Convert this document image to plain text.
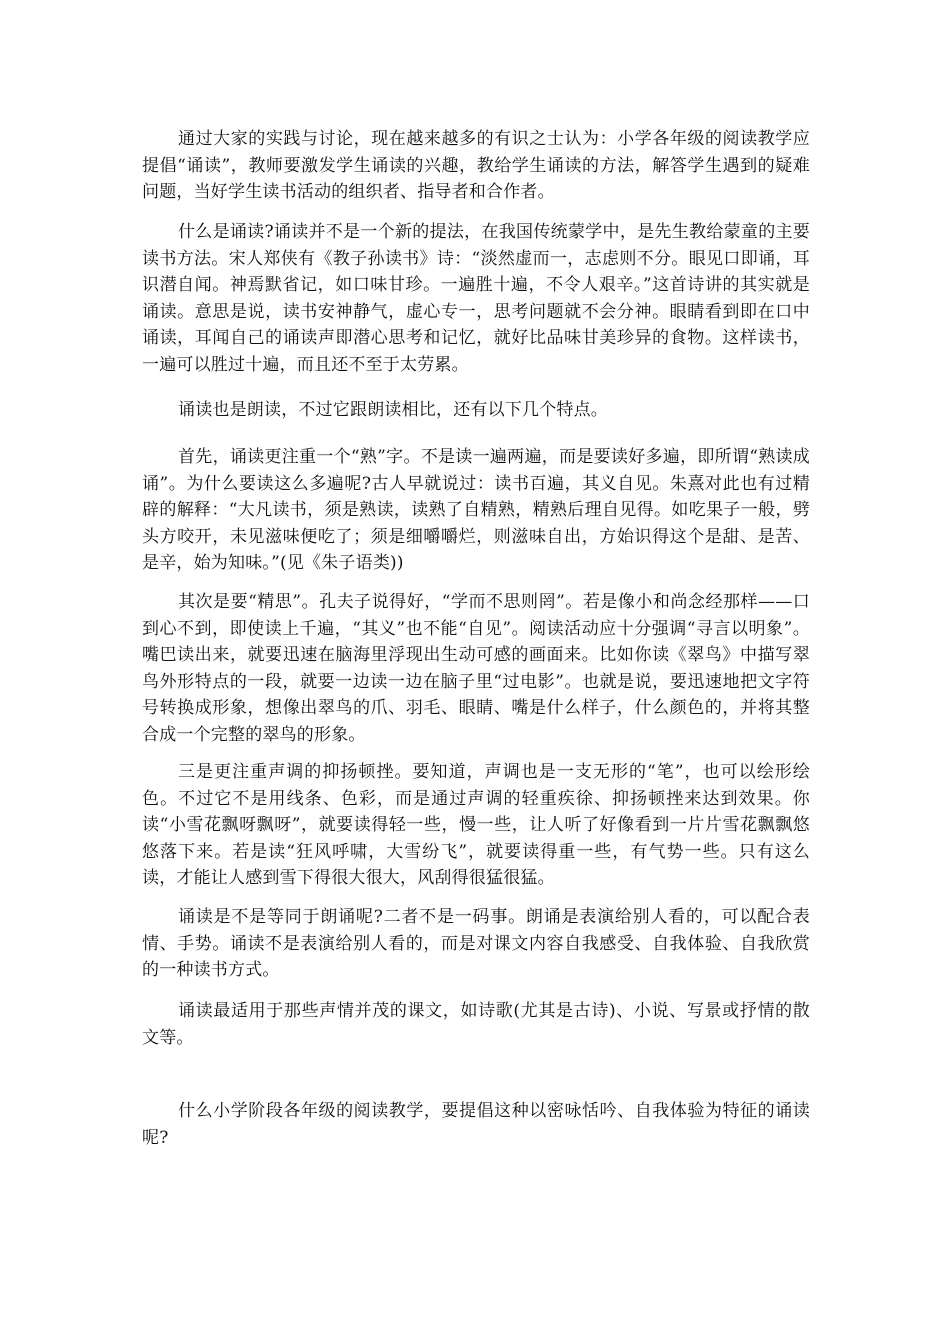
通过大家的实践与讨论，现在越来越多的有识之士认为：小学各年级的阅读教学应提倡“诵读”，教师要激发学生诵读的兴趣，教给学生诵读的方法，解答学生遇到的疑难问题，当好学生读书活动的组织者、指导者和合作者。

什么是诵读?诵读并不是一个新的提法，在我国传统蒙学中，是先生教给蒙童的主要读书方法。宋人郑侠有《教子孙读书》诗：“淡然虚而一，志虑则不分。眼见口即诵，耳识潜自闻。神焉默省记，如口味甘珍。一遍胜十遍，不令人艰辛。”这首诗讲的其实就是诵读。意思是说，读书安神静气，虚心专一，思考问题就不会分神。眼睛看到即在口中诵读，耳闻自己的诵读声即潜心思考和记忆，就好比品味甘美珍异的食物。这样读书，一遍可以胜过十遍，而且还不至于太劳累。

诵读也是朗读，不过它跟朗读相比，还有以下几个特点。

首先，诵读更注重一个“熟”字。不是读一遍两遍，而是要读好多遍，即所谓“熟读成诵”。为什么要读这么多遍呢?古人早就说过：读书百遍，其义自见。朱熹对此也有过精辟的解释：“大凡读书，须是熟读，读熟了自精熟，精熟后理自见得。如吃果子一般，劈头方咬开，未见滋味便吃了；须是细嚼嚼烂，则滋味自出，方始识得这个是甜、是苦、是辛，始为知味。”(见《朱子语类))

其次是要“精思”。孔夫子说得好，“学而不思则罔”。若是像小和尚念经那样——口到心不到，即使读上千遍，“其义”也不能“自见”。阅读活动应十分强调“寻言以明象”。嘴巴读出来，就要迅速在脑海里浮现出生动可感的画面来。比如你读《翠鸟》中描写翠鸟外形特点的一段，就要一边读一边在脑子里“过电影”。也就是说，要迅速地把文字符号转换成形象，想像出翠鸟的爪、羽毛、眼睛、嘴是什么样子，什么颜色的，并将其整合成一个完整的翠鸟的形象。

三是更注重声调的抑扬顿挫。要知道，声调也是一支无形的“笔”，也可以绘形绘色。不过它不是用线条、色彩，而是通过声调的轻重疾徐、抑扬顿挫来达到效果。你读“小雪花飘呀飘呀”，就要读得轻一些，慢一些，让人听了好像看到一片片雪花飘飘悠悠落下来。若是读“狂风呼啸，大雪纷飞”，就要读得重一些，有气势一些。只有这么读，才能让人感到雪下得很大很大，风刮得很猛很猛。

诵读是不是等同于朗诵呢?二者不是一码事。朗诵是表演给别人看的，可以配合表情、手势。诵读不是表演给别人看的，而是对课文内容自我感受、自我体验、自我欣赏的一种读书方式。

诵读最适用于那些声情并茂的课文，如诗歌(尤其是古诗)、小说、写景或抒情的散文等。

什么小学阶段各年级的阅读教学，要提倡这种以密咏恬吟、自我体验为特征的诵读呢?
